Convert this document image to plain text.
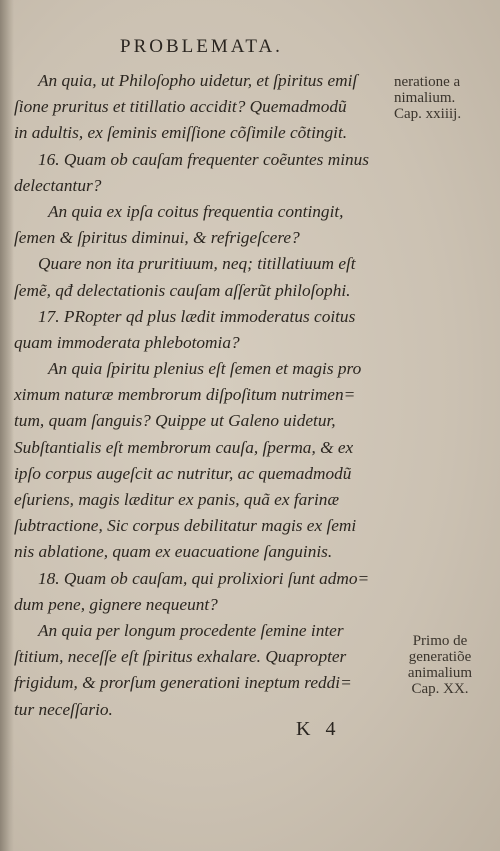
PROBLEMATA.
An quia, ut Philoſopho uidetur, et ſpiritus emiſ
ſione pruritus et titillatio accidit? Quemadmodũ
in adultis, ex ſeminis emiſſione cõſimile cõtingit.
16. Quam ob cauſam frequenter coẽuntes minus
delectantur?
An quia ex ipſa coitus frequentia contingit,
ſemen & ſpiritus diminui, & refrigeſcere?
Quare non ita pruritiuum, neq; titillatiuum eſt
ſemẽ, qđ delectationis cauſam aſſerũt philoſophi.
17. PRopter qd plus lædit immoderatus coitus
quam immoderata phlebotomia?
An quia ſpiritu plenius eſt ſemen et magis pro
ximum naturæ membrorum diſpoſitum nutrimen=
tum, quam ſanguis? Quippe ut Galeno uidetur,
Subſtantialis eſt membrorum cauſa, ſperma, & ex
ipſo corpus augeſcit ac nutritur, ac quemadmodũ
eſuriens, magis læditur ex panis, quã ex farinæ
ſubtractione, Sic corpus debilitatur magis ex ſemi
nis ablatione, quam ex euacuatione ſanguinis.
18. Quam ob cauſam, qui prolixiori ſunt admo=
dum pene, gignere nequeunt?
An quia per longum procedente ſemine inter
ſtitium, neceſſe eſt ſpiritus exhalare. Quapropter
frigidum, & prorſum generationi ineptum reddi=
tur neceſſario.
neratione a
nimalium.
Cap. xxiiij.
Primo de
generatiõe
animalium
Cap. XX.
K 4
